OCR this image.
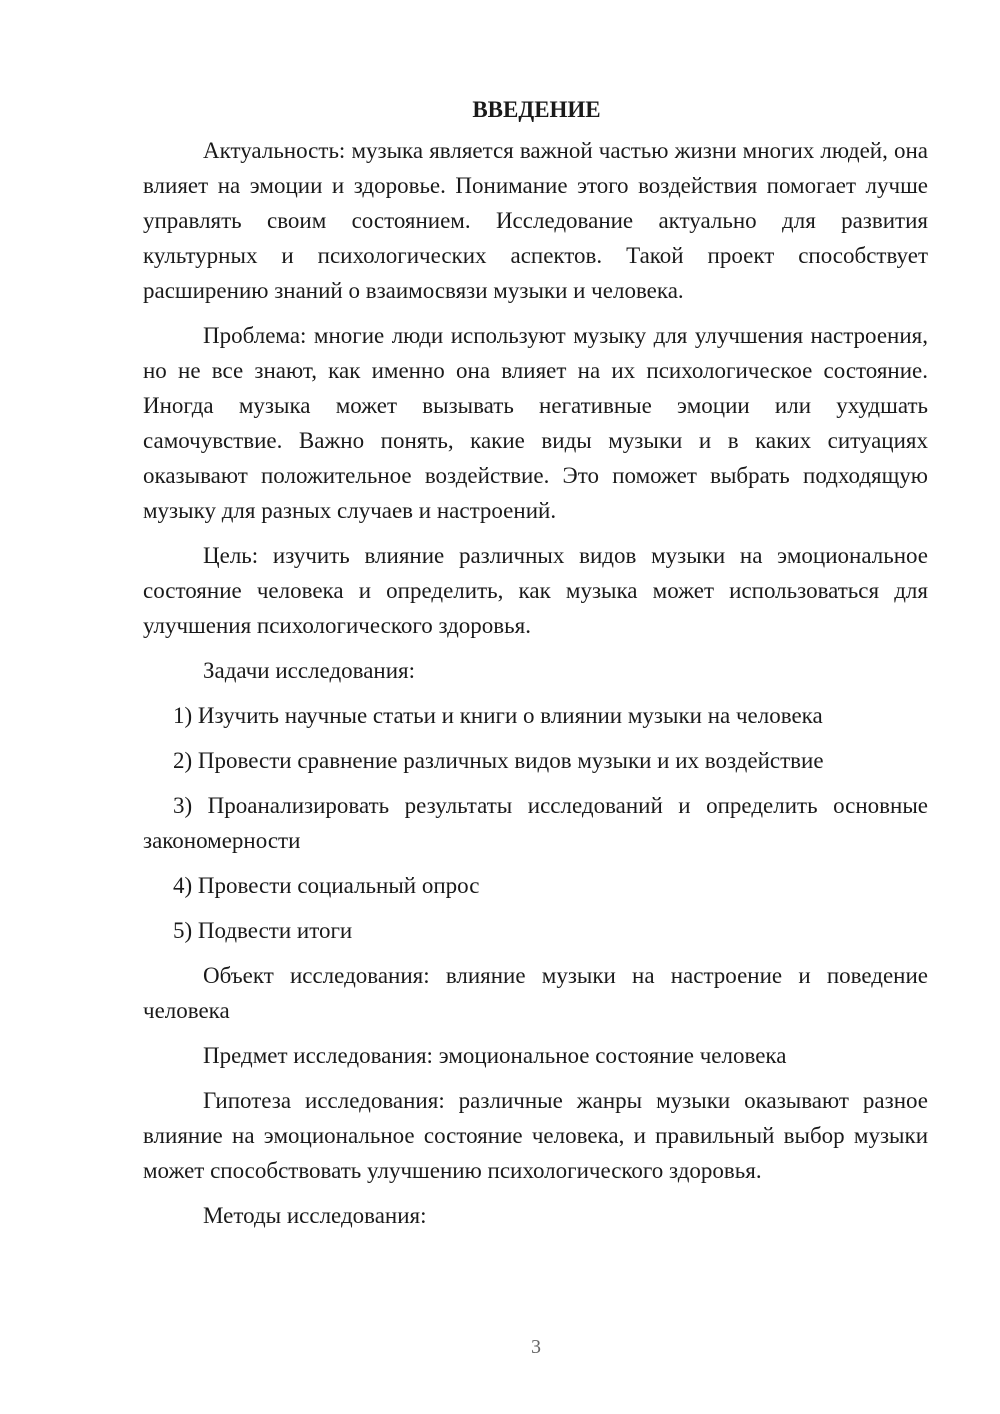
ВВЕДЕНИЕ

Актуальность: музыка является важной частью жизни многих людей, она влияет на эмоции и здоровье. Понимание этого воздействия помогает лучше управлять своим состоянием. Исследование актуально для развития культурных и психологических аспектов. Такой проект способствует расширению знаний о взаимосвязи музыки и человека.

Проблема: многие люди используют музыку для улучшения настроения, но не все знают, как именно она влияет на их психологическое состояние. Иногда музыка может вызывать негативные эмоции или ухудшать самочувствие. Важно понять, какие виды музыки и в каких ситуациях оказывают положительное воздействие. Это поможет выбрать подходящую музыку для разных случаев и настроений.

Цель: изучить влияние различных видов музыки на эмоциональное состояние человека и определить, как музыка может использоваться для улучшения психологического здоровья.

Задачи исследования:

1) Изучить научные статьи и книги о влиянии музыки на человека

2) Провести сравнение различных видов музыки и их воздействие

3) Проанализировать результаты исследований и определить основные закономерности

4) Провести социальный опрос

5) Подвести итоги

Объект исследования: влияние музыки на настроение и поведение человека

Предмет исследования: эмоциональное состояние человека

Гипотеза исследования: различные жанры музыки оказывают разное влияние на эмоциональное состояние человека, и правильный выбор музыки может способствовать улучшению психологического здоровья.

Методы исследования:

3
